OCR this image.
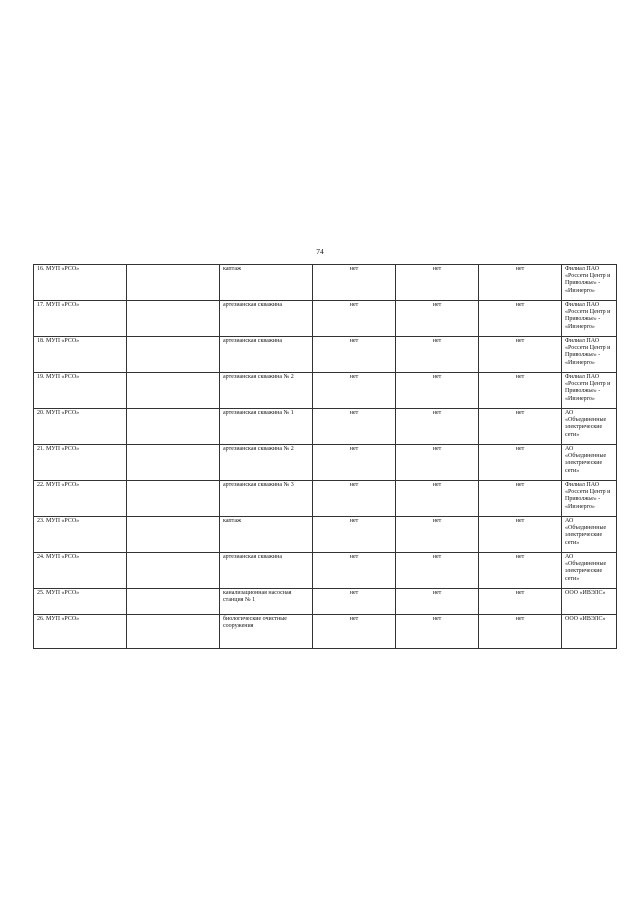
74
16. МУП «РСО»		каптаж	нет	нет	нет	Филиал ПАО «Россети Центр и Приволжье» - «Ивэнерго»
17. МУП «РСО»		артезианская скважина	нет	нет	нет	Филиал ПАО «Россети Центр и Приволжье» - «Ивэнерго»
18. МУП «РСО»		артезианская скважина	нет	нет	нет	Филиал ПАО «Россети Центр и Приволжье» - «Ивэнерго»
19. МУП «РСО»		артезианская скважина № 2	нет	нет	нет	Филиал ПАО «Россети Центр и Приволжье» - «Ивэнерго»
20. МУП «РСО»		артезианская скважина № 1	нет	нет	нет	АО «Объединенные электрические сети»
21. МУП «РСО»		артезианская скважина № 2	нет	нет	нет	АО «Объединенные электрические сети»
22. МУП «РСО»		артезианская скважина № 3	нет	нет	нет	Филиал ПАО «Россети Центр и Приволжье» - «Ивэнерго»
23. МУП «РСО»		каптаж	нет	нет	нет	АО «Объединенные электрические сети»
24. МУП «РСО»		артезианская скважина	нет	нет	нет	АО «Объединенные электрические сети»
25. МУП «РСО»		канализационная насосная станция № 1	нет	нет	нет	ООО «ИВЭЛС»
26. МУП «РСО»		биологические очистные сооружения	нет	нет	нет	ООО «ИВЭЛС»
